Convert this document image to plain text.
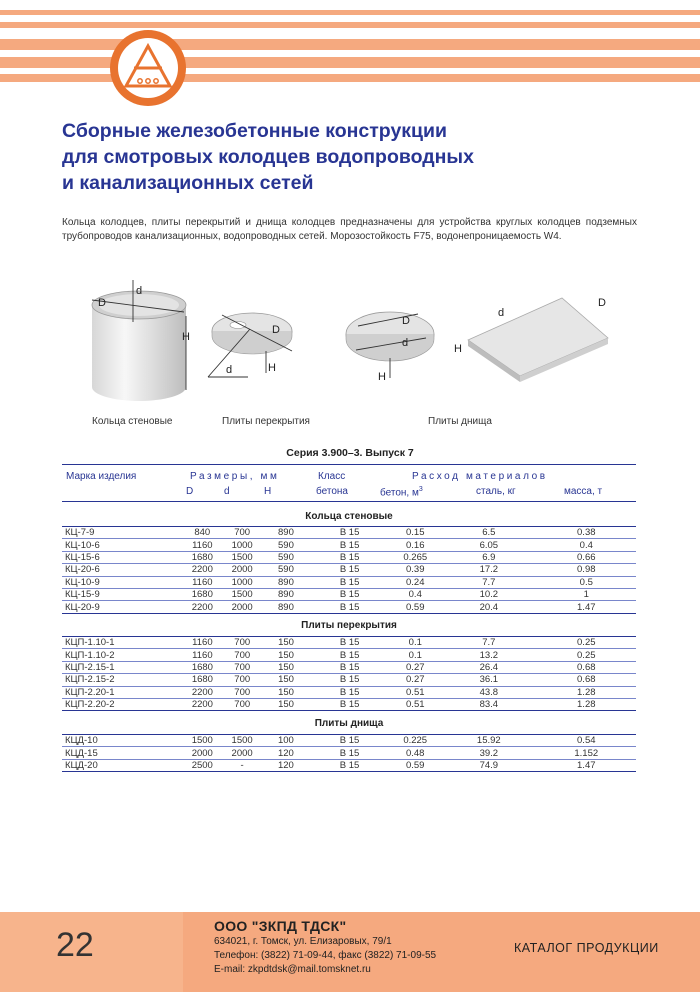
Сборные железобетонные конструкции
для смотровых колодцев водопроводных
и канализационных сетей

Кольца колодцев, плиты перекрытий и днища колодцев предназначены для устройства круглых колодцев подземных трубопроводов канализационных, водопроводных сетей. Морозостойкость F75, водонепроницаемость W4.

D
d
H
D
d	H
D
d
H
d
D
H
Кольца стеновые	Плиты перекрытия	Плиты днища
Серия 3.900–3. Выпуск 7
Марка изделия	Размеры, мм
D	d	H
Класс
бетона
Расход материалов
бетон, $м^3$	сталь, кг	масса, т
Кольца стеновые
КЦ-7-9	840	700	890	В 15	0.15	6.5	0.38
КЦ-10-6	1160	1000	590	В 15	0.16	6.05	0.4
КЦ-15-6	1680	1500	590	В 15	0.265	6.9	0.66
КЦ-20-6	2200	2000	590	В 15	0.39	17.2	0.98
КЦ-10-9	1160	1000	890	В 15	0.24	7.7	0.5
КЦ-15-9	1680	1500	890	В 15	0.4	10.2	1
КЦ-20-9	2200	2000	890	В 15	0.59	20.4	1.47
Плиты перекрытия
КЦП-1.10-1	1160	700	150	В 15	0.1	7.7	0.25
КЦП-1.10-2	1160	700	150	В 15	0.1	13.2	0.25
КЦП-2.15-1	1680	700	150	В 15	0.27	26.4	0.68
КЦП-2.15-2	1680	700	150	В 15	0.27	36.1	0.68
КЦП-2.20-1	2200	700	150	В 15	0.51	43.8	1.28
КЦП-2.20-2	2200	700	150	В 15	0.51	83.4	1.28
Плиты днища
КЦД-10	1500	1500	100	В 15	0.225	15.92	0.54
КЦД-15	2000	2000	120	В 15	0.48	39.2	1.152
КЦД-20	2500	-	120	В 15	0.59	74.9	1.47
22	ООО "ЗКПД ТДСК"
634021, г. Томск, ул. Елизаровых, 79/1
Телефон: (3822) 71-09-44, факс (3822) 71-09-55
E-mail: zkpdtdsk@mail.tomsknet.ru
КАТАЛОГ ПРОДУКЦИИ
